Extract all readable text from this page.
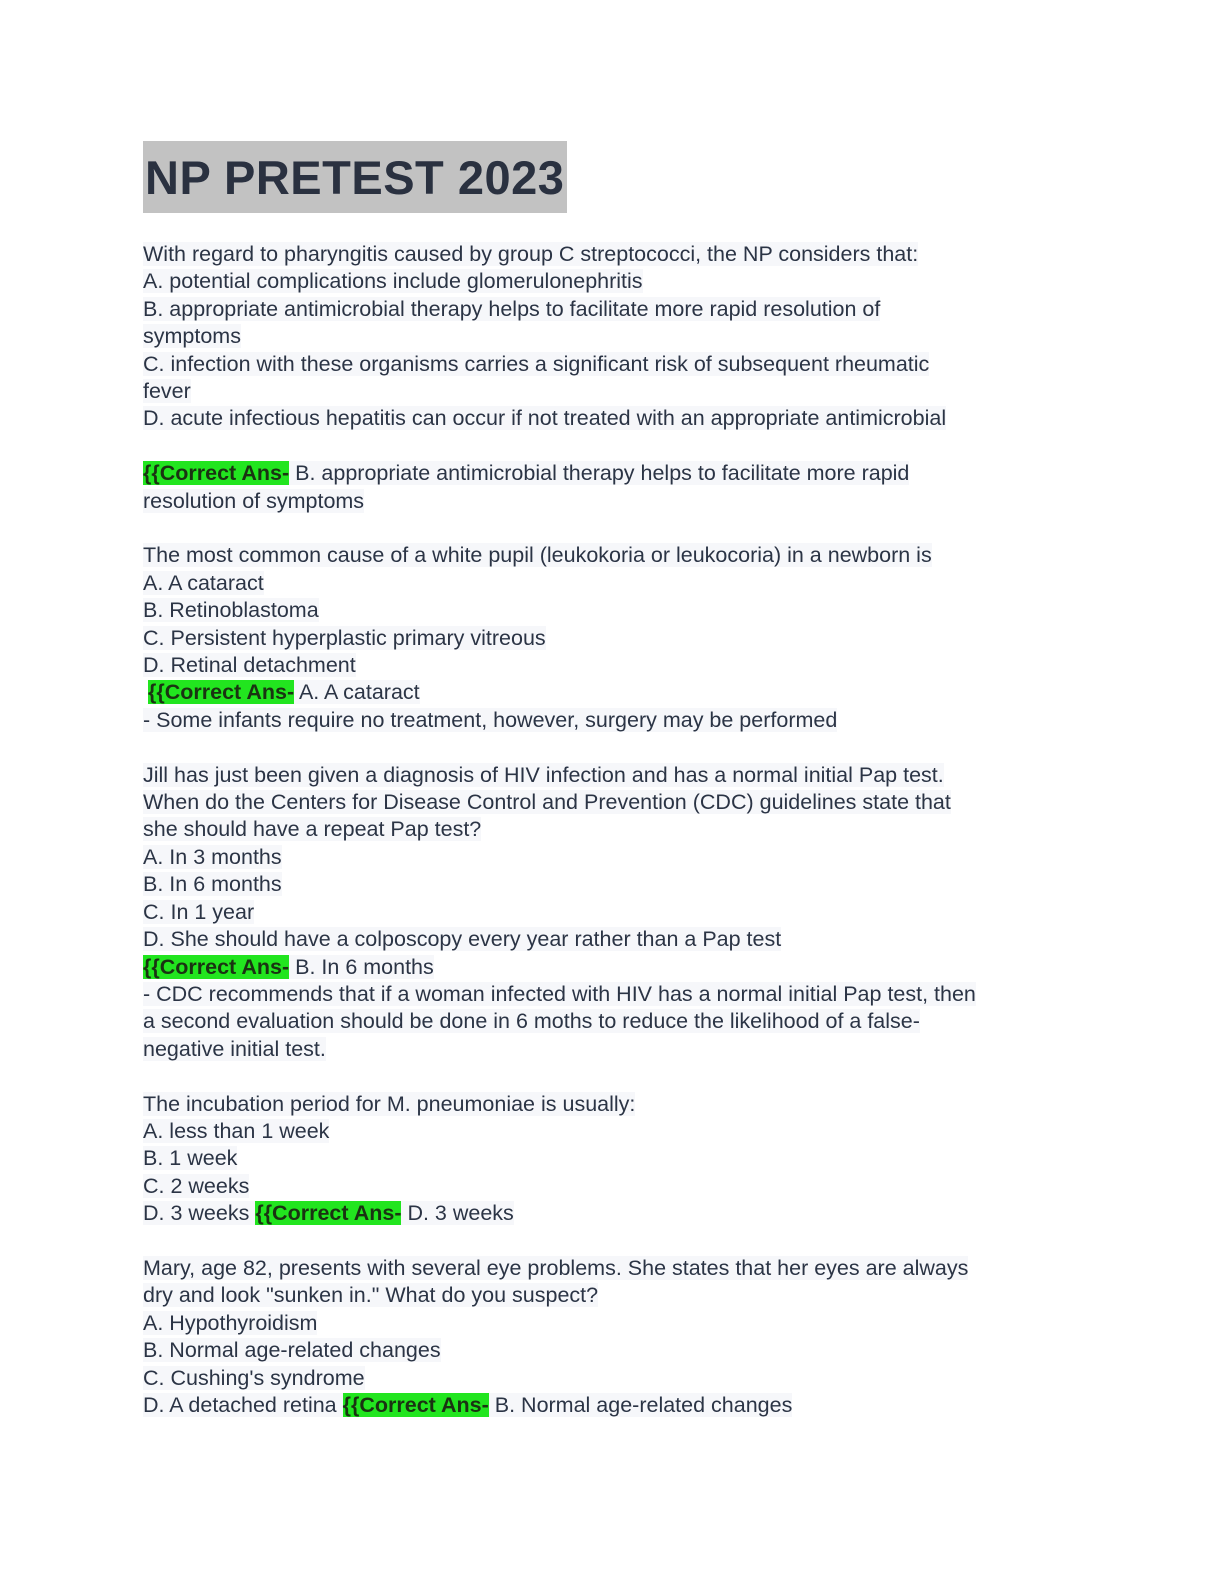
NP PRETEST 2023
With regard to pharyngitis caused by group C streptococci, the NP considers that:
A. potential complications include glomerulonephritis
B. appropriate antimicrobial therapy helps to facilitate more rapid resolution of
symptoms
C. infection with these organisms carries a significant risk of subsequent rheumatic
fever
D. acute infectious hepatitis can occur if not treated with an appropriate antimicrobial
{{Correct Ans- B. appropriate antimicrobial therapy helps to facilitate more rapid
resolution of symptoms
The most common cause of a white pupil (leukokoria or leukocoria) in a newborn is
A. A cataract
B. Retinoblastoma
C. Persistent hyperplastic primary vitreous
D. Retinal detachment
{{Correct Ans- A. A cataract
- Some infants require no treatment, however, surgery may be performed
Jill has just been given a diagnosis of HIV infection and has a normal initial Pap test.
When do the Centers for Disease Control and Prevention (CDC) guidelines state that
she should have a repeat Pap test?
A. In 3 months
B. In 6 months
C. In 1 year
D. She should have a colposcopy every year rather than a Pap test
{{Correct Ans- B. In 6 months
- CDC recommends that if a woman infected with HIV has a normal initial Pap test, then
a second evaluation should be done in 6 moths to reduce the likelihood of a false-
negative initial test.
The incubation period for M. pneumoniae is usually:
A. less than 1 week
B. 1 week
C. 2 weeks
D. 3 weeks {{Correct Ans- D. 3 weeks
Mary, age 82, presents with several eye problems. She states that her eyes are always
dry and look "sunken in." What do you suspect?
A. Hypothyroidism
B. Normal age-related changes
C. Cushing's syndrome
D. A detached retina {{Correct Ans- B. Normal age-related changes
